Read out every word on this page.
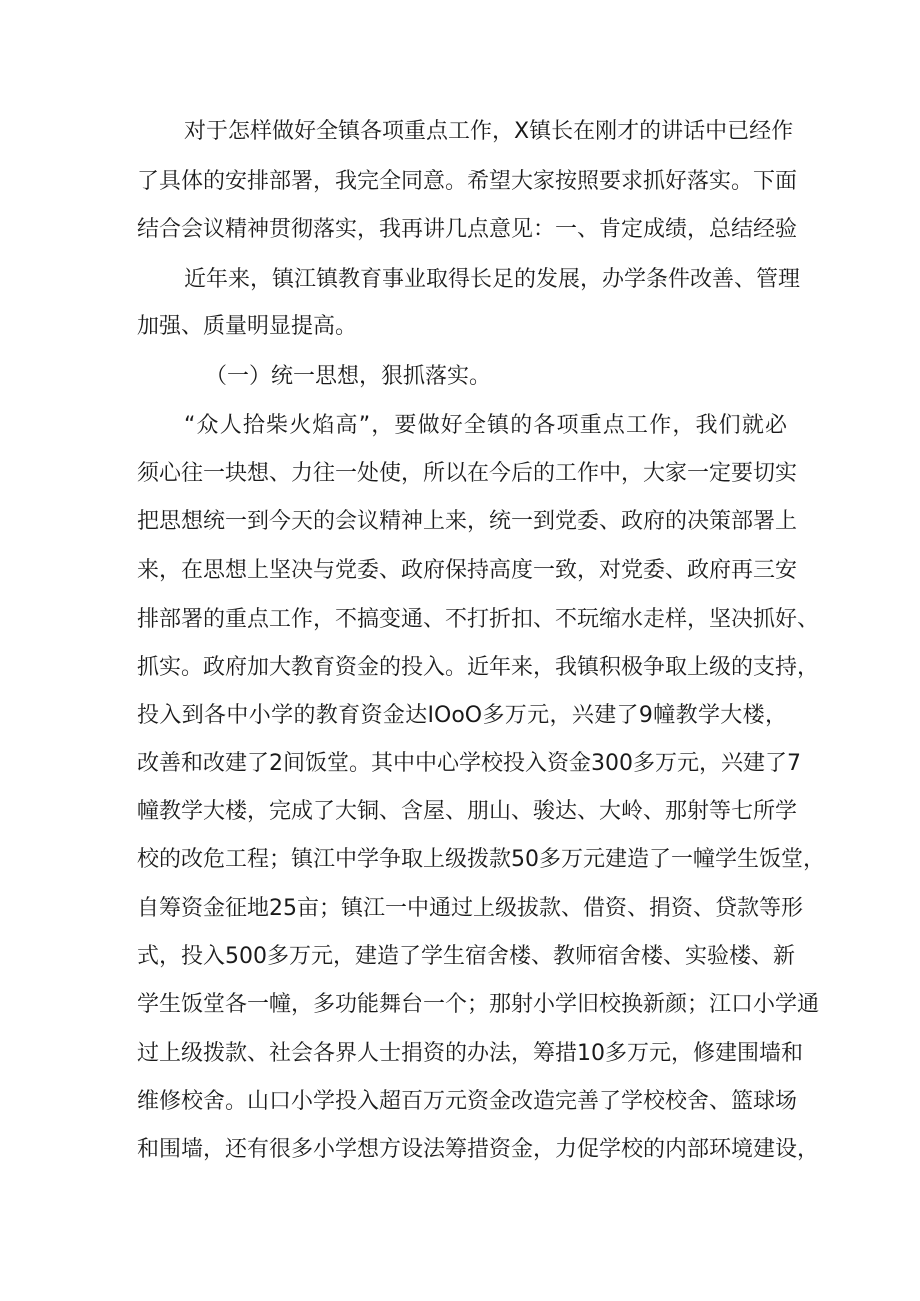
对于怎样做好全镇各项重点工作，X镇长在刚才的讲话中已经作
了具体的安排部署，我完全同意。希望大家按照要求抓好落实。下面
结合会议精神贯彻落实，我再讲几点意见：一、肯定成绩，总结经验
近年来，镇江镇教育事业取得长足的发展，办学条件改善、管理
加强、质量明显提高。
（一）统一思想，狠抓落实。
“众人拾柴火焰高”，要做好全镇的各项重点工作，我们就必
须心往一块想、力往一处使，所以在今后的工作中，大家一定要切实
把思想统一到今天的会议精神上来，统一到党委、政府的决策部署上
来，在思想上坚决与党委、政府保持高度一致，对党委、政府再三安
排部署的重点工作，不搞变通、不打折扣、不玩缩水走样，坚决抓好、
抓实。政府加大教育资金的投入。近年来，我镇积极争取上级的支持，
投入到各中小学的教育资金达IOoO多万元，兴建了9幢教学大楼，
改善和改建了2间饭堂。其中中心学校投入资金300多万元，兴建了7
幢教学大楼，完成了大铜、含屋、朋山、骏达、大岭、那射等七所学
校的改危工程；镇江中学争取上级拨款50多万元建造了一幢学生饭堂，
自筹资金征地25亩；镇江一中通过上级拔款、借资、捐资、贷款等形
式，投入500多万元，建造了学生宿舍楼、教师宿舍楼、实验楼、新
学生饭堂各一幢，多功能舞台一个；那射小学旧校换新颜；江口小学通
过上级拨款、社会各界人士捐资的办法，筹措10多万元，修建围墙和
维修校舍。山口小学投入超百万元资金改造完善了学校校舍、篮球场
和围墙，还有很多小学想方设法筹措资金，力促学校的内部环境建设，
